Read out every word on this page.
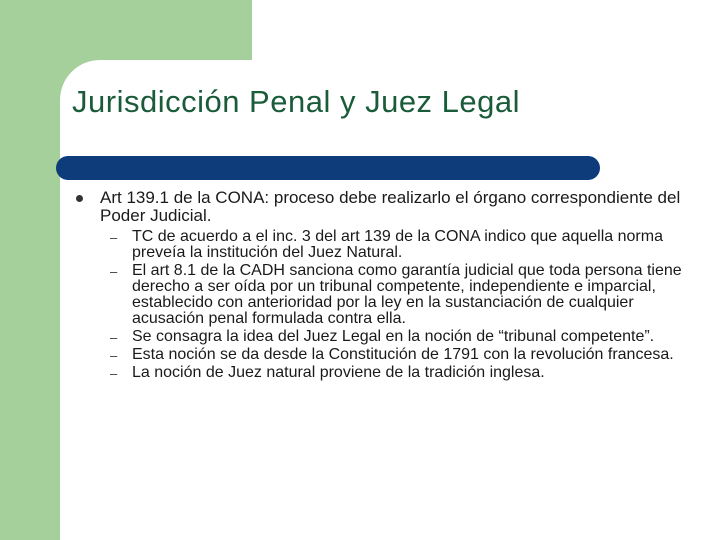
Jurisdicción Penal y Juez Legal
Art 139.1 de la CONA: proceso debe realizarlo el órgano correspondiente del Poder Judicial.
– TC de acuerdo a el inc. 3 del art 139 de la CONA indico que aquella norma preveía la institución del Juez Natural.
– El art 8.1 de la CADH sanciona como garantía judicial que toda persona tiene derecho a ser oída por un tribunal competente, independiente e imparcial, establecido con anterioridad por la ley en la sustanciación de cualquier acusación penal formulada contra ella.
– Se consagra la idea del Juez Legal en la noción de “tribunal competente”.
– Esta noción se da desde la Constitución de 1791 con la revolución francesa.
– La noción de Juez natural proviene de la tradición inglesa.
